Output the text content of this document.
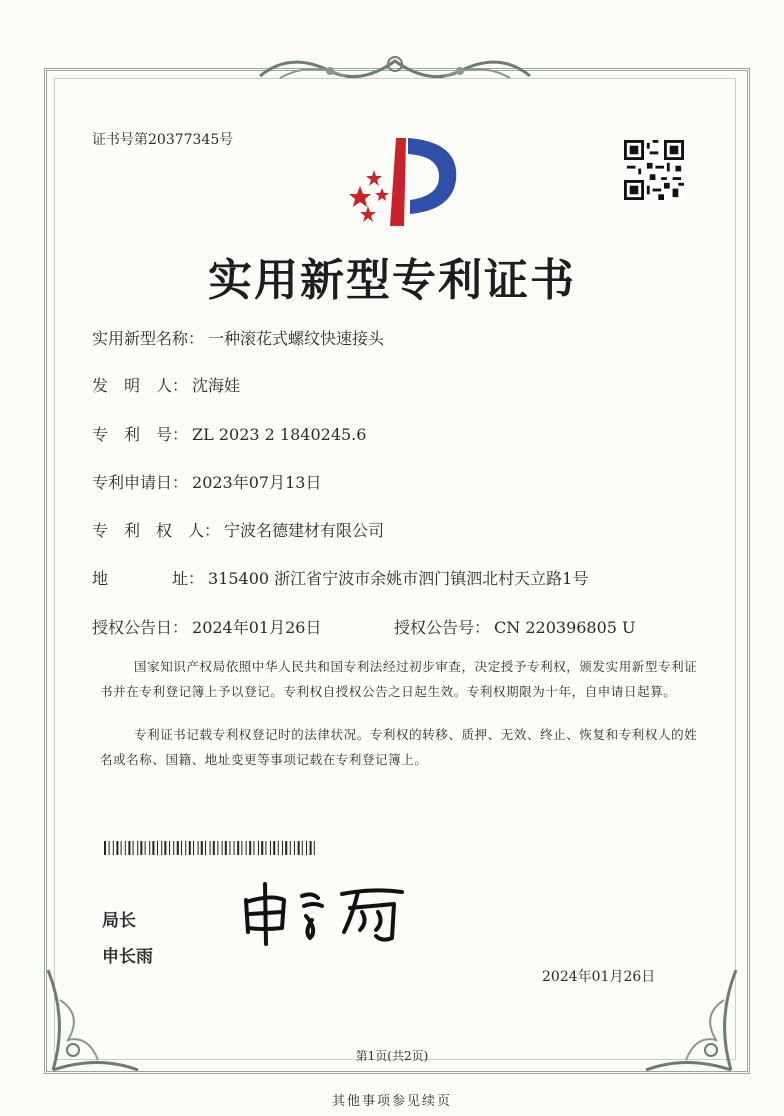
证书号第20377345号
实用新型专利证书
实用新型名称： 一种滚花式螺纹快速接头
发　明　人： 沈海娃
专　利　号： ZL 2023 2 1840245.6
专利申请日： 2023年07月13日
专　利　权　人： 宁波名德建材有限公司
地　　　　址： 315400 浙江省宁波市余姚市泗门镇泗北村天立路1号
授权公告日： 2024年01月26日	授权公告号： CN 220396805 U
国家知识产权局依照中华人民共和国专利法经过初步审查，决定授予专利权，颁发实用新型专利证书并在专利登记簿上予以登记。专利权自授权公告之日起生效。专利权期限为十年，自申请日起算。
专利证书记载专利权登记时的法律状况。专利权的转移、质押、无效、终止、恢复和专利权人的姓名或名称、国籍、地址变更等事项记载在专利登记簿上。
局长
申长雨
2024年01月26日
第1页(共2页)
其他事项参见续页
